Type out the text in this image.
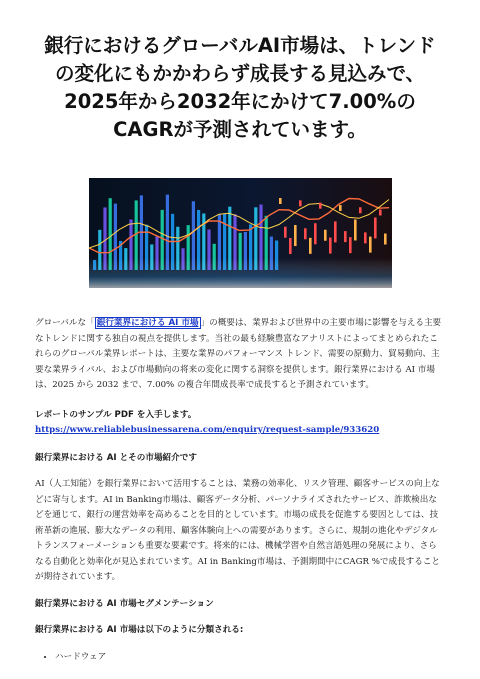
銀行におけるグローバルAI市場は、トレンドの変化にもかかわらず成長する見込みで、2025年から2032年にかけて7.00%のCAGRが予測されています。

グローバルな「 銀行業界における AI 市場 」の概要は、業界および世界中の主要市場に影響を与える主要なトレンドに関する独自の視点を提供します。当社の最も経験豊富なアナリストによってまとめられたこれらのグローバル業界レポートは、主要な業界のパフォーマンス トレンド、需要の原動力、貿易動向、主要な業界ライバル、および市場動向の将来の変化に関する洞察を提供します。銀行業界における AI 市場は、2025 から 2032 まで、7.00% の複合年間成長率で成長すると予測されています。

レポートのサンプル PDF を入手します。 https://www.reliablebusinessarena.com/enquiry/request-sample/933620

銀行業界における AI とその市場紹介です

AI（人工知能）を銀行業界において活用することは、業務の効率化、リスク管理、顧客サービスの向上などに寄与します。AI in Banking市場は、顧客データ分析、パーソナライズされたサービス、詐欺検出などを通じて、銀行の運営効率を高めることを目的としています。市場の成長を促進する要因としては、技術革新の進展、膨大なデータの利用、顧客体験向上への需要があります。さらに、規制の進化やデジタルトランスフォーメーションも重要な要素です。将来的には、機械学習や自然言語処理の発展により、さらなる自動化と効率化が見込まれています。AI in Banking市場は、予測期間中にCAGR %で成長することが期待されています。

銀行業界における AI 市場セグメンテーション

銀行業界における AI 市場は以下のように分類される:

• ハードウェア
